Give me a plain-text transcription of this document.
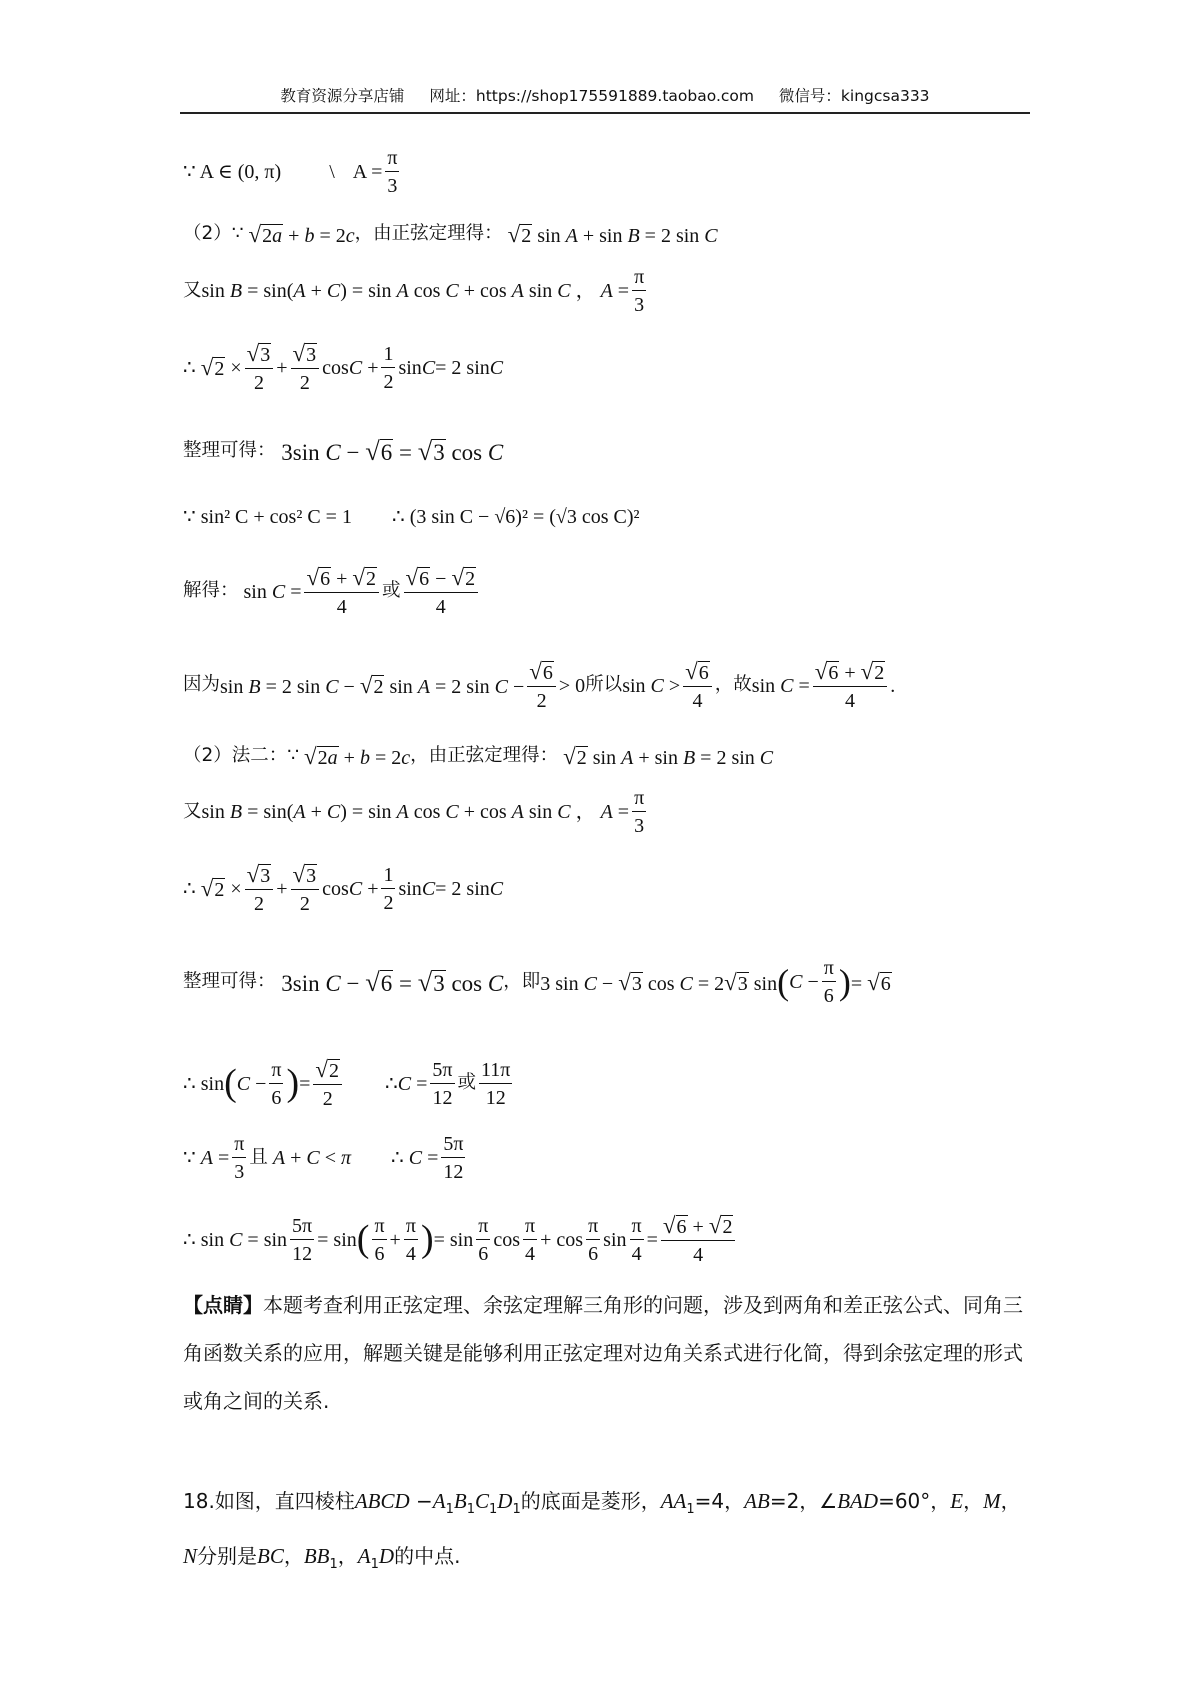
教育资源分享店铺 网址：https://shop175591889.taobao.com 微信号：kingcsa333
∵ A ∈ (0, π) \ $A = \frac{\pi}{3}$
（2）∵
√ 2a + b = 2c ，由正弦定理得：
√ 2 sin A + sin B = 2 sin C
又 sin B = sin(A + C) = sin A cos C + cos A sin C ， $A = \frac{\pi}{3}$
∴
√ $2 \times \frac{√ 3}{2} + \frac{√ 3}{2}$ $\cos C + \frac{1}{2}$ sin C = 2 sin C
整理可得： 3sin C − √ 6 = √ 3 cos C
∵ sin² C + cos² C = 1 ∴ (3 sin C − √6)² = (√3 cos C)²
解得： $\sin C = \frac{√ 6 + √ 2}{4}$ 或 $\frac{√ 6 - √ 2}{4}$
因为 sin B = 2 sin C − √ 2 sin A = 2 $\sin C - \frac{√ 6}{2} > 0$ 所以 $\sin C > \frac{√ 6}{4}$ ，故 $\sin C = \frac{√ 6 + √ 2}{4}$ .
（2）法二：∵
√ 2a + b = 2c ，由正弦定理得：
√ 2 sin A + sin B = 2 sin C
又 sin B = sin(A + C) = sin A cos C + cos A sin C ， $A = \frac{\pi}{3}$
∴
√ $2 \times \frac{√ 3}{2} + \frac{√ 3}{2}$ $\cos C + \frac{1}{2}$ sin C = 2 sin C
整理可得： 3sin C − √ 6 = √ 3 cos C ，即 3 sin C − √ 3 cos C = 2 √ 3 sin ( $C - \frac{\pi}{6}$ ) = √ 6
∴ sin ( $C - \frac{\pi}{6}$ ) = $\frac{√ 2}{2}$ ∴ $C = \frac{5\pi}{12}$ 或 $\frac{11\pi}{12}$
∵ $A = \frac{\pi}{3}$ 且 A + C < π ∴ $C = \frac{5\pi}{12}$
∴ $\sin C = \sin \frac{5\pi}{12} = \sin$ ( $\frac{\pi}{6} + \frac{\pi}{4}$ ) = $\sin \frac{\pi}{6}$ $\cos \frac{\pi}{4} + \cos \frac{\pi}{6}$ $\sin \frac{\pi}{4} = \frac{√ 6 + √ 2}{4}$
【点睛】本题考查利用正弦定理、余弦定理解三角形的问题，涉及到两角和差正弦公式、同角三角函数关系的应用，解题关键是能够利用正弦定理对边角关系式进行化简，得到余弦定理的形式或角之间的关系.
18.如图，直四棱柱ABCD $-A_1B_1C_1D_1$的底面是菱形，$AA_1=4$，AB=2，∠BAD=60°，E，M，N分别是BC，$BB_1$，$A_1D$的中点.
